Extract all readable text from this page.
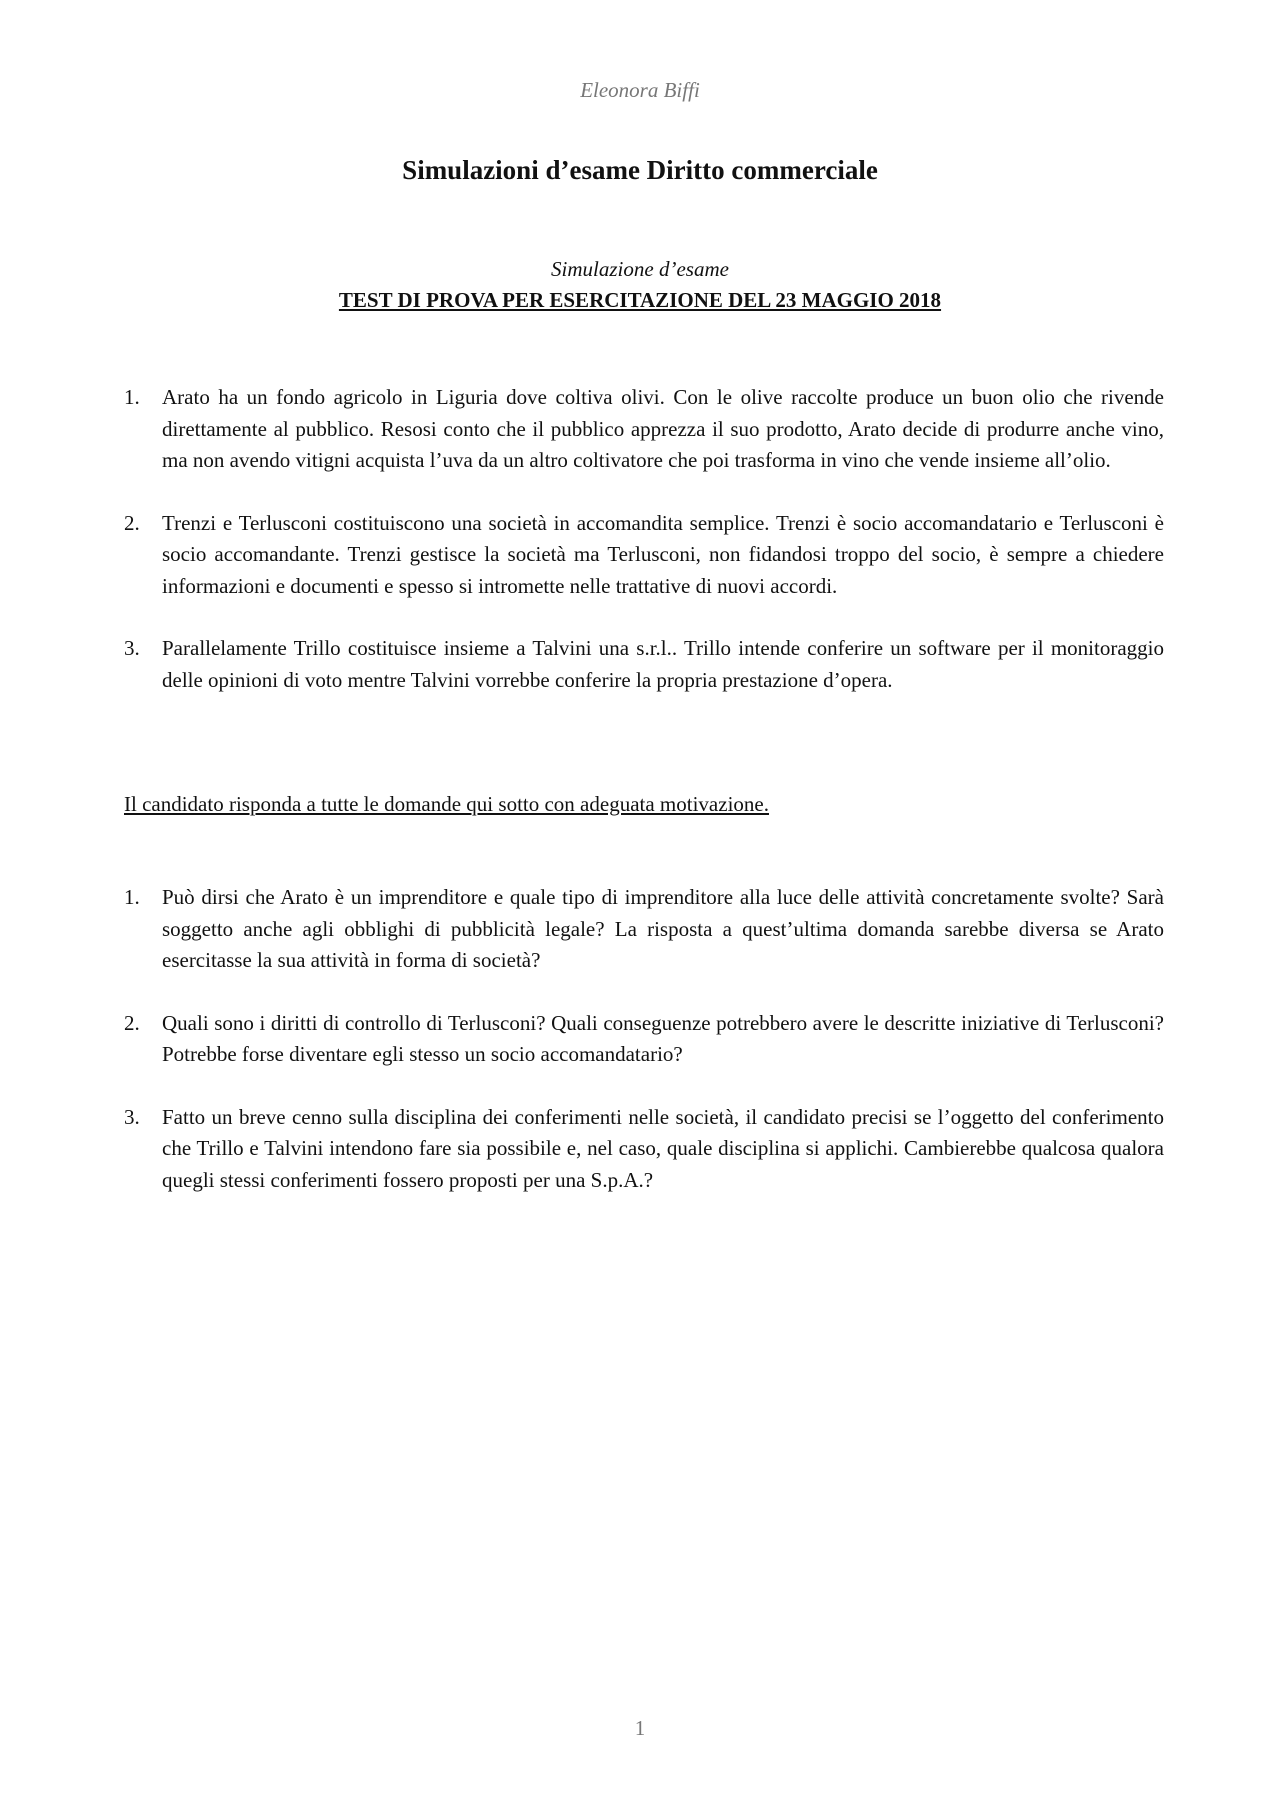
Eleonora Biffi
Simulazioni d’esame Diritto commerciale
Simulazione d’esame
TEST DI PROVA PER ESERCITAZIONE DEL 23 MAGGIO 2018
1. Arato ha un fondo agricolo in Liguria dove coltiva olivi. Con le olive raccolte produce un buon olio che rivende direttamente al pubblico. Resosi conto che il pubblico apprezza il suo prodotto, Arato decide di produrre anche vino, ma non avendo vitigni acquista l’uva da un altro coltivatore che poi trasforma in vino che vende insieme all’olio.
2. Trenzi e Terlusconi costituiscono una società in accomandita semplice. Trenzi è socio accomandatario e Terlusconi è socio accomandante. Trenzi gestisce la società ma Terlusconi, non fidandosi troppo del socio, è sempre a chiedere informazioni e documenti e spesso si intromette nelle trattative di nuovi accordi.
3. Parallelamente Trillo costituisce insieme a Talvini una s.r.l.. Trillo intende conferire un software per il monitoraggio delle opinioni di voto mentre Talvini vorrebbe conferire la propria prestazione d’opera.
Il candidato risponda a tutte le domande qui sotto con adeguata motivazione.
1. Può dirsi che Arato è un imprenditore e quale tipo di imprenditore alla luce delle attività concretamente svolte? Sarà soggetto anche agli obblighi di pubblicità legale? La risposta a quest’ultima domanda sarebbe diversa se Arato esercitasse la sua attività in forma di società?
2. Quali sono i diritti di controllo di Terlusconi? Quali conseguenze potrebbero avere le descritte iniziative di Terlusconi? Potrebbe forse diventare egli stesso un socio accomandatario?
3. Fatto un breve cenno sulla disciplina dei conferimenti nelle società, il candidato precisi se l’oggetto del conferimento che Trillo e Talvini intendono fare sia possibile e, nel caso, quale disciplina si applichi. Cambierebbe qualcosa qualora quegli stessi conferimenti fossero proposti per una S.p.A.?
1
